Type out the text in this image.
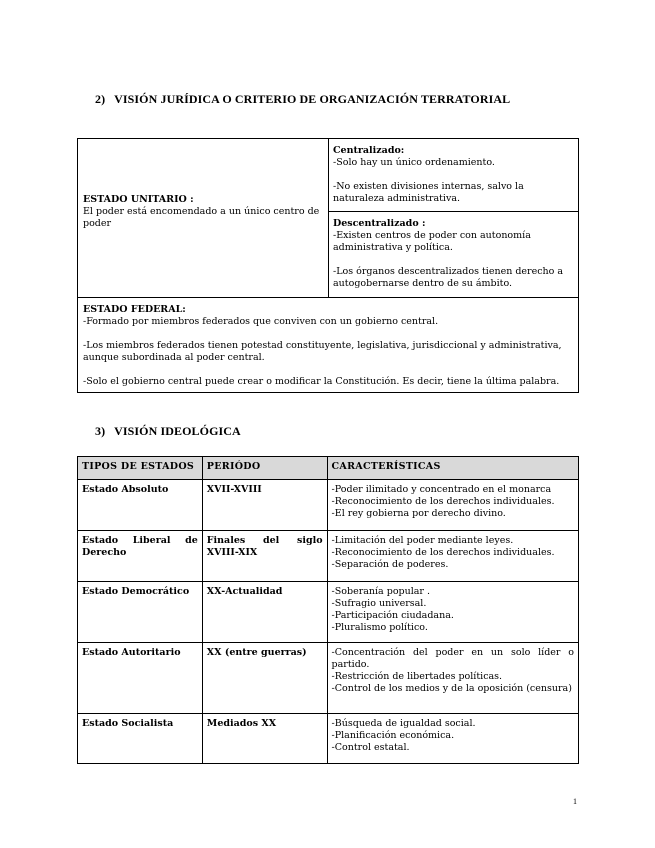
2) VISIÓN JURÍDICA O CRITERIO DE ORGANIZACIÓN TERRATORIAL
ESTADO UNITARIO :

El poder está encomendado a un único centro de poder

Centralizado:

-Solo hay un único ordenamiento.

-No existen divisiones internas, salvo la naturaleza administrativa.

Descentralizado :

-Existen centros de poder con autonomía administrativa y política.

-Los órganos descentralizados tienen derecho a autogobernarse dentro de su ámbito.

ESTADO FEDERAL:

-Formado por miembros federados que conviven con un gobierno central.

-Los miembros federados tienen potestad constituyente, legislativa, jurisdiccional y administrativa, aunque subordinada al poder central.

-Solo el gobierno central puede crear o modificar la Constitución. Es decir, tiene la última palabra.

3) VISIÓN IDEOLÓGICA
TIPOS DE ESTADOS	PERIÓDO	CARACTERÍSTICAS
Estado Absoluto	XVII-XVIII	-Poder ilimitado y concentrado en el monarca

-Reconocimiento de los derechos individuales.

-El rey gobierna por derecho divino.

Estado Liberal de Derecho	Finales del siglo XVIII-XIX	-Limitación del poder mediante leyes.

-Reconocimiento de los derechos individuales.

-Separación de poderes.

Estado Democrático	XX-Actualidad	-Soberanía popular .

-Sufragio universal.

-Participación ciudadana.

-Pluralismo político.

Estado Autoritario	XX (entre guerras)	-Concentración del poder en un solo líder o partido.

-Restricción de libertades políticas.

-Control de los medios y de la oposición (censura)

Estado Socialista	Mediados XX	-Búsqueda de igualdad social.

-Planificación económica.

-Control estatal.

1
